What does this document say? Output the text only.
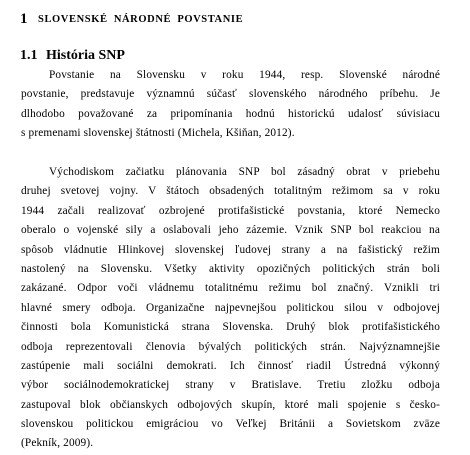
1 SLOVENSKÉ NÁRODNÉ POVSTANIE
1.1 História SNP
Povstanie na Slovensku v roku 1944, resp. Slovenské národné
povstanie, predstavuje významnú súčasť slovenského národného príbehu. Je
dlhodobo považované za pripomínania hodnú historickú udalosť súvisiacu
s premenami slovenskej štátnosti (Michela, Kšiňan, 2012).
Východiskom začiatku plánovania SNP bol zásadný obrat v priebehu
druhej svetovej vojny. V štátoch obsadených totalitným režimom sa v roku
1944 začali realizovať ozbrojené protifašistické povstania, ktoré Nemecko
oberalo o vojenské sily a oslabovali jeho zázemie. Vznik SNP bol reakciou na
spôsob vládnutie Hlinkovej slovenskej ľudovej strany a na fašistický režim
nastolený na Slovensku. Všetky aktivity opozičných politických strán boli
zakázané. Odpor voči vládnemu totalitnému režimu bol značný. Vznikli tri
hlavné smery odboja. Organizačne najpevnejšou politickou silou v odbojovej
činnosti bola Komunistická strana Slovenska. Druhý blok protifašistického
odboja reprezentovali členovia bývalých politických strán. Najvýznamnejšie
zastúpenie mali sociálni demokrati. Ich činnosť riadil Ústredná výkonný
výbor sociálnodemokratickej strany v Bratislave. Tretiu zložku odboja
zastupoval blok občianskych odbojových skupín, ktoré mali spojenie s česko-
slovenskou politickou emigráciou vo Veľkej Británii a Sovietskom zväze
(Pekník, 2009).
